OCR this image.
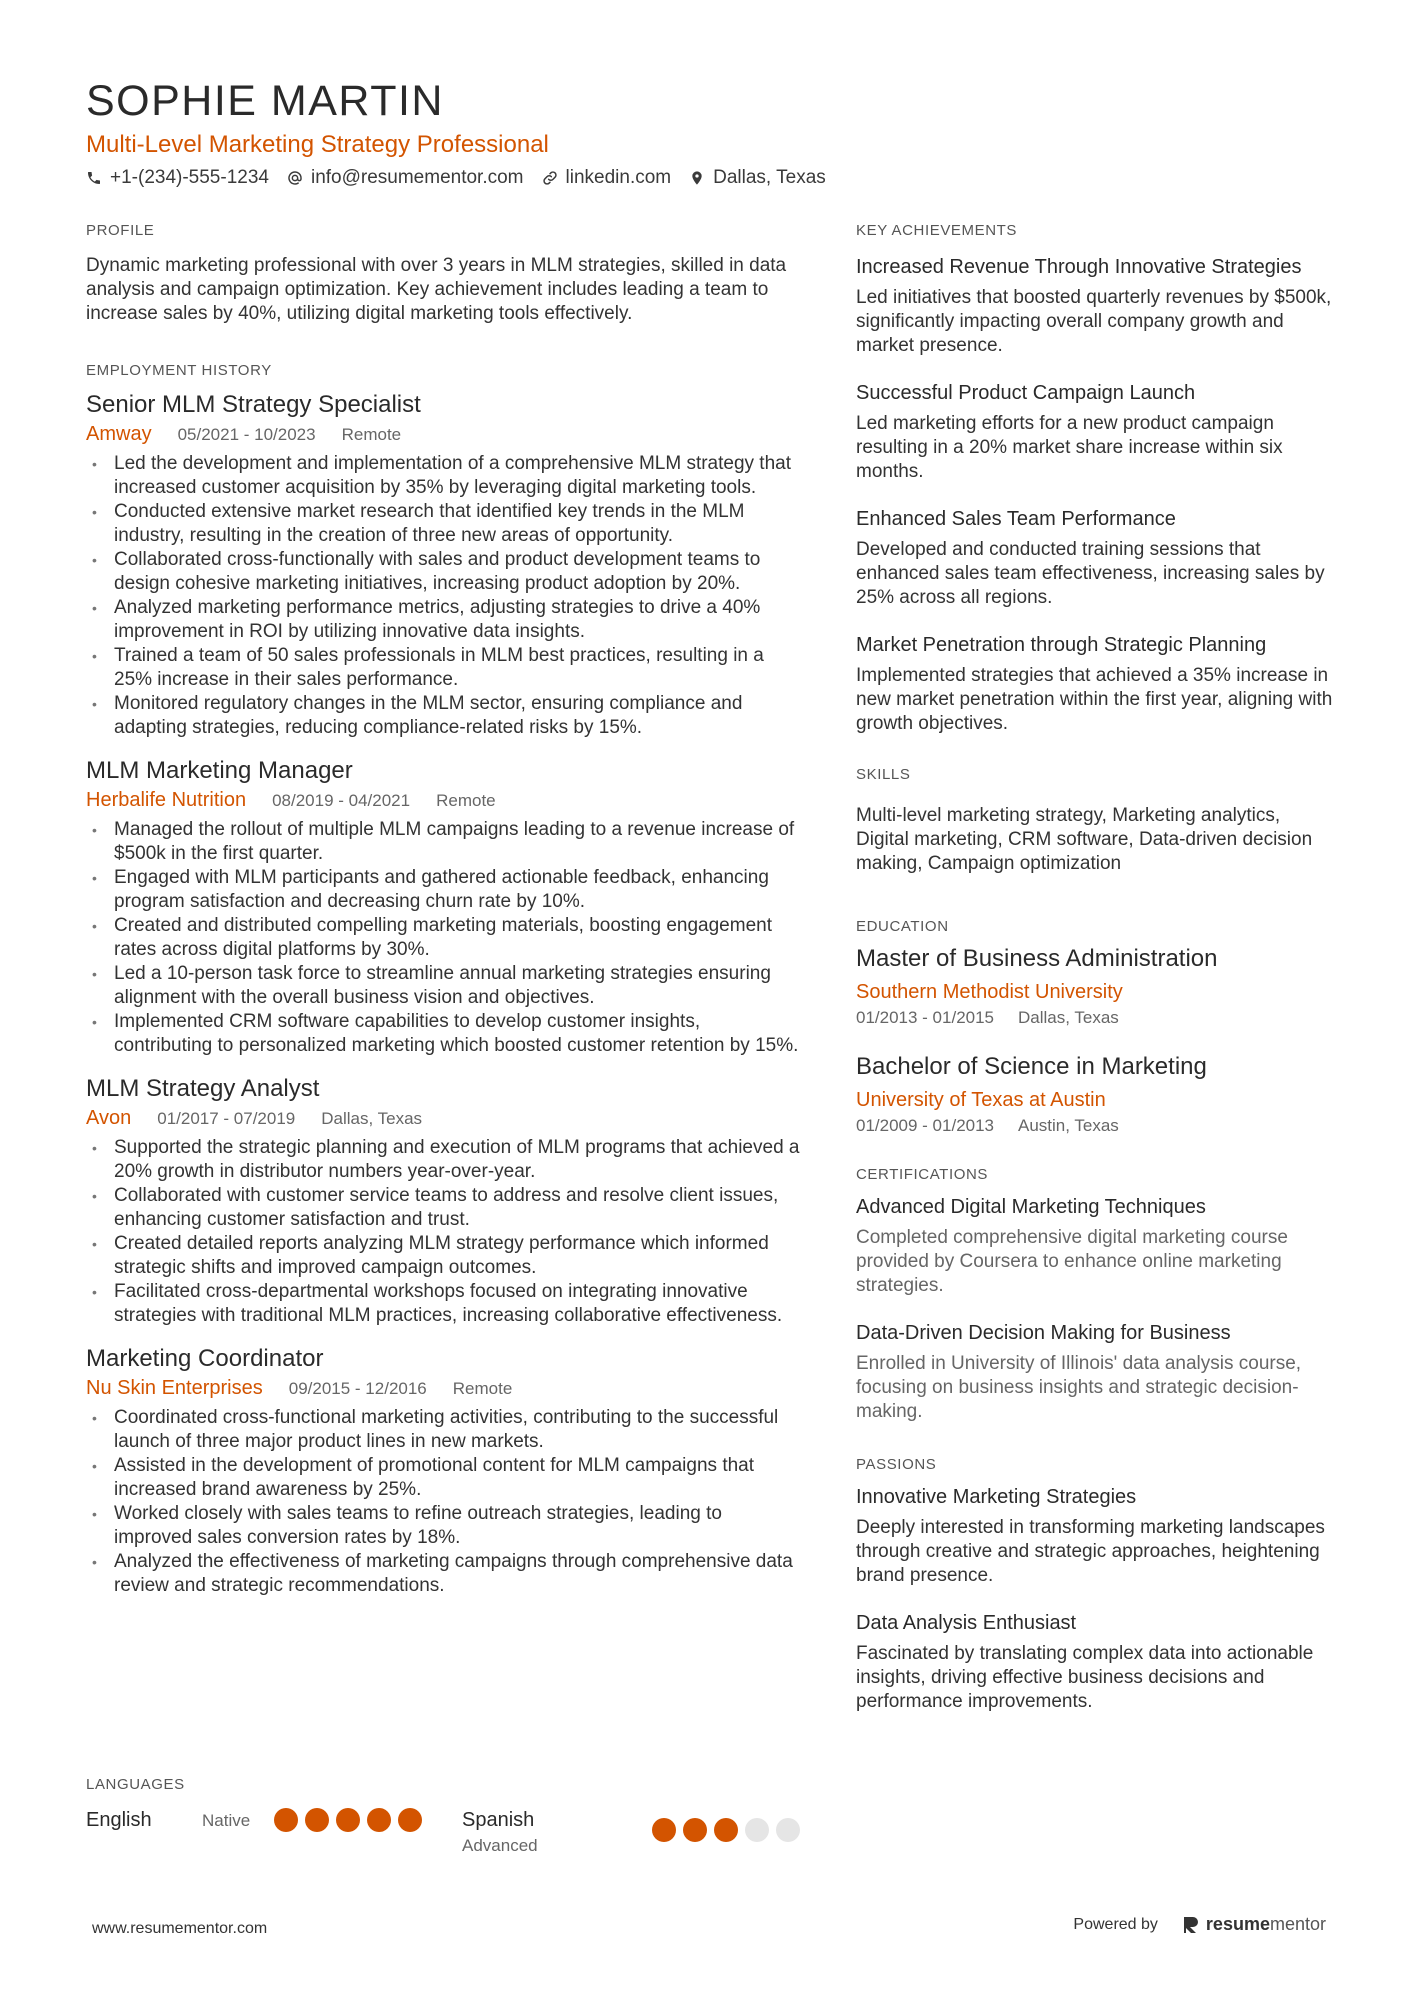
SOPHIE MARTIN
Multi-Level Marketing Strategy Professional
+1-(234)-555-1234 info@resumementor.com linkedin.com Dallas, Texas
PROFILE
Dynamic marketing professional with over 3 years in MLM strategies, skilled in data analysis and campaign optimization. Key achievement includes leading a team to increase sales by 40%, utilizing digital marketing tools effectively.
EMPLOYMENT HISTORY
Senior MLM Strategy Specialist
Amway 05/2021 - 10/2023 Remote
• Led the development and implementation of a comprehensive MLM strategy that increased customer acquisition by 35% by leveraging digital marketing tools.
• Conducted extensive market research that identified key trends in the MLM industry, resulting in the creation of three new areas of opportunity.
• Collaborated cross-functionally with sales and product development teams to design cohesive marketing initiatives, increasing product adoption by 20%.
• Analyzed marketing performance metrics, adjusting strategies to drive a 40% improvement in ROI by utilizing innovative data insights.
• Trained a team of 50 sales professionals in MLM best practices, resulting in a 25% increase in their sales performance.
• Monitored regulatory changes in the MLM sector, ensuring compliance and adapting strategies, reducing compliance-related risks by 15%.
MLM Marketing Manager
Herbalife Nutrition 08/2019 - 04/2021 Remote
• Managed the rollout of multiple MLM campaigns leading to a revenue increase of $500k in the first quarter.
• Engaged with MLM participants and gathered actionable feedback, enhancing program satisfaction and decreasing churn rate by 10%.
• Created and distributed compelling marketing materials, boosting engagement rates across digital platforms by 30%.
• Led a 10-person task force to streamline annual marketing strategies ensuring alignment with the overall business vision and objectives.
• Implemented CRM software capabilities to develop customer insights, contributing to personalized marketing which boosted customer retention by 15%.
MLM Strategy Analyst
Avon 01/2017 - 07/2019 Dallas, Texas
• Supported the strategic planning and execution of MLM programs that achieved a 20% growth in distributor numbers year-over-year.
• Collaborated with customer service teams to address and resolve client issues, enhancing customer satisfaction and trust.
• Created detailed reports analyzing MLM strategy performance which informed strategic shifts and improved campaign outcomes.
• Facilitated cross-departmental workshops focused on integrating innovative strategies with traditional MLM practices, increasing collaborative effectiveness.
Marketing Coordinator
Nu Skin Enterprises 09/2015 - 12/2016 Remote
• Coordinated cross-functional marketing activities, contributing to the successful launch of three major product lines in new markets.
• Assisted in the development of promotional content for MLM campaigns that increased brand awareness by 25%.
• Worked closely with sales teams to refine outreach strategies, leading to improved sales conversion rates by 18%.
• Analyzed the effectiveness of marketing campaigns through comprehensive data review and strategic recommendations.
LANGUAGES
English	Native	Spanish
Advanced
KEY ACHIEVEMENTS
Increased Revenue Through Innovative Strategies
Led initiatives that boosted quarterly revenues by $500k, significantly impacting overall company growth and market presence.
Successful Product Campaign Launch
Led marketing efforts for a new product campaign resulting in a 20% market share increase within six months.
Enhanced Sales Team Performance
Developed and conducted training sessions that enhanced sales team effectiveness, increasing sales by 25% across all regions.
Market Penetration through Strategic Planning
Implemented strategies that achieved a 35% increase in new market penetration within the first year, aligning with growth objectives.
SKILLS
Multi-level marketing strategy, Marketing analytics, Digital marketing, CRM software, Data-driven decision making, Campaign optimization
EDUCATION
Master of Business Administration
Southern Methodist University
01/2013 - 01/2015 Dallas, Texas
Bachelor of Science in Marketing
University of Texas at Austin
01/2009 - 01/2013 Austin, Texas
CERTIFICATIONS
Advanced Digital Marketing Techniques
Completed comprehensive digital marketing course provided by Coursera to enhance online marketing strategies.
Data-Driven Decision Making for Business
Enrolled in University of Illinois' data analysis course, focusing on business insights and strategic decision-making.
PASSIONS
Innovative Marketing Strategies
Deeply interested in transforming marketing landscapes through creative and strategic approaches, heightening brand presence.
Data Analysis Enthusiast
Fascinated by translating complex data into actionable insights, driving effective business decisions and performance improvements.
www.resumementor.com	Powered by	resume mentor
